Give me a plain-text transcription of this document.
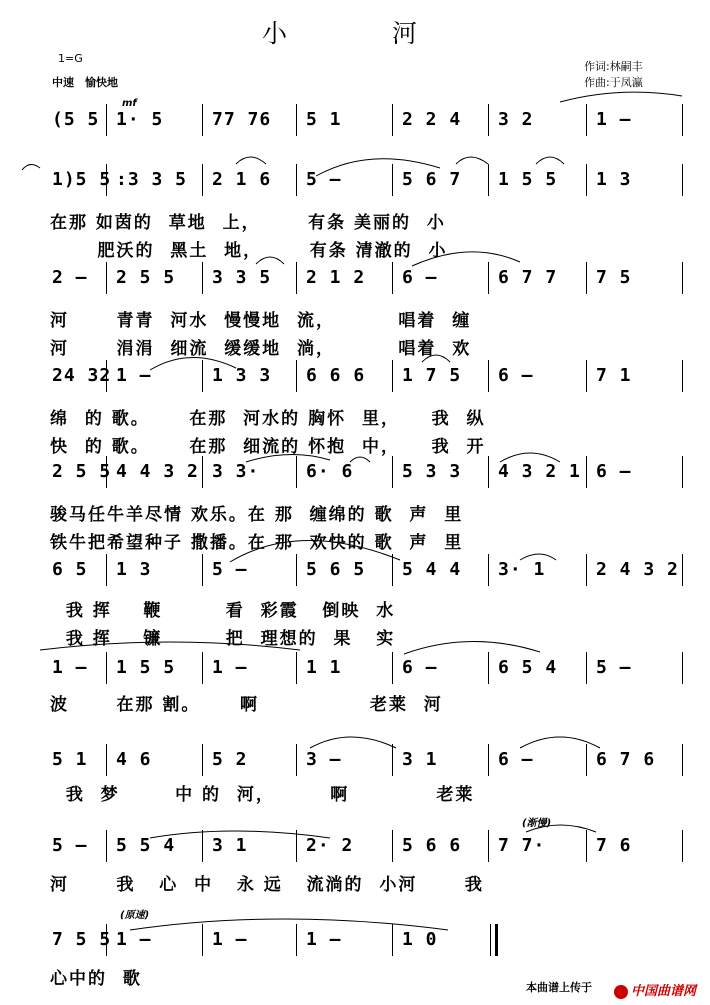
小　河
1=G
中速　愉快地
作词:林嗣丰
作曲:于凤瀛
mf
(渐慢)
(原速)
(5 5 1· 5	77 76 5 1	2 2 4 3 2	1 –
1)5 5 :3 3 5 2 1 6 5 –	5 6 7 1 5 5 1 3
2 – 2 5 5 3 3 5 2 1 2 6 –	6 7 7 7 5
24 32 1 –	1 3 3 6 6 6 1 7 5 6 –	7 1
2 5 5 4 4 3 2 3 3·	6· 6	5 3 3 4 3 2 1 6 –
6 5 1 3	5 –	5 6 5 5 4 4 3· 1	2 4 3 2
1 – 1 5 5 1 –	1 1	6 –	6 5 4 5 –
5 1 4 6	5 2	3 –	3 1	6 –	6 7 6
5 – 5 5 4 3 1	2· 2	5 6 6 7 7·	7 6
7 5 5 1 –	1 –	1 –	1 0
在那 如茵的  草地  上，      有条 美丽的  小
肥沃的  黑土  地，      有条 清澈的  小
河      青青  河水  慢慢地  流，        唱着  缠
河      涓涓  细流  缓缓地  淌，        唱着  欢
绵  的 歌。     在那  河水的 胸怀  里，    我  纵
快  的 歌。     在那  细流的 怀抱  中，    我  开
骏马任牛羊尽情 欢乐。在 那  缠绵的 歌  声  里
铁牛把希望种子 撒播。在 那  欢快的 歌  声  里
我 挥    鞭        看  彩霞   倒映  水
我 挥    镰        把  理想的  果   实
波      在那 割。     啊              老莱  河
我  梦       中 的  河，       啊           老莱
河      我   心  中   永 远   流淌的  小河      我
心中的  歌	本曲谱上传于	中国曲谱网
